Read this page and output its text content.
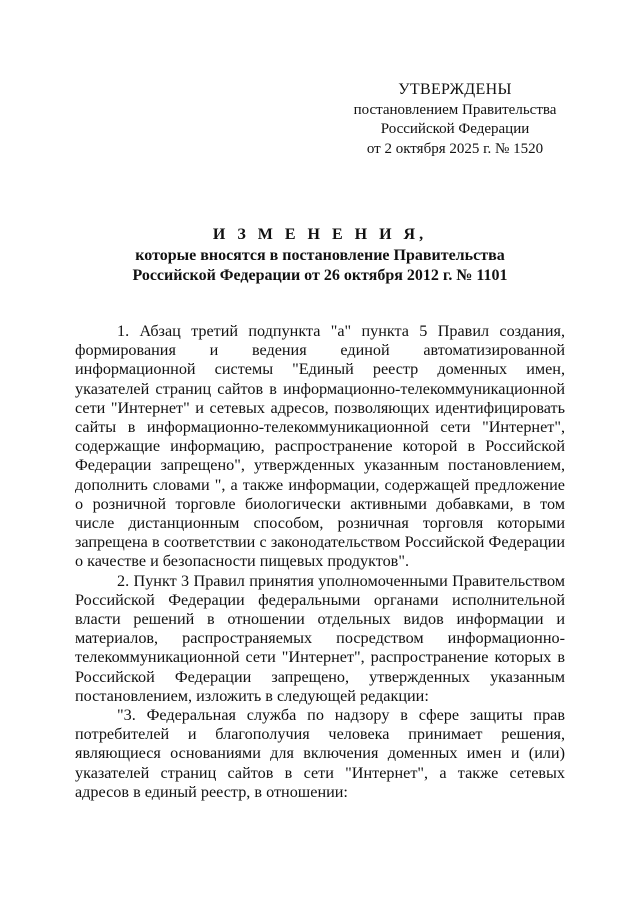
УТВЕРЖДЕНЫ
постановлением Правительства
Российской Федерации
от 2 октября 2025 г. № 1520
И З М Е Н Е Н И Я,
которые вносятся в постановление Правительства
Российской Федерации от 26 октября 2012 г. № 1101

1. Абзац третий подпункта "а" пункта 5 Правил создания, формирования и ведения единой автоматизированной информационной системы "Единый реестр доменных имен, указателей страниц сайтов в информационно-телекоммуникационной сети "Интернет" и сетевых адресов, позволяющих идентифицировать сайты в информационно-телекоммуникационной сети "Интернет", содержащие информацию, распространение которой в Российской Федерации запрещено", утвержденных указанным постановлением, дополнить словами ", а также информации, содержащей предложение о розничной торговле биологически активными добавками, в том числе дистанционным способом, розничная торговля которыми запрещена в соответствии с законодательством Российской Федерации о качестве и безопасности пищевых продуктов".

2. Пункт 3 Правил принятия уполномоченными Правительством Российской Федерации федеральными органами исполнительной власти решений в отношении отдельных видов информации и материалов, распространяемых посредством информационно-телекоммуникационной сети "Интернет", распространение которых в Российской Федерации запрещено, утвержденных указанным постановлением, изложить в следующей редакции:

"3. Федеральная служба по надзору в сфере защиты прав потребителей и благополучия человека принимает решения, являющиеся основаниями для включения доменных имен и (или) указателей страниц сайтов в сети "Интернет", а также сетевых адресов в единый реестр, в отношении:
